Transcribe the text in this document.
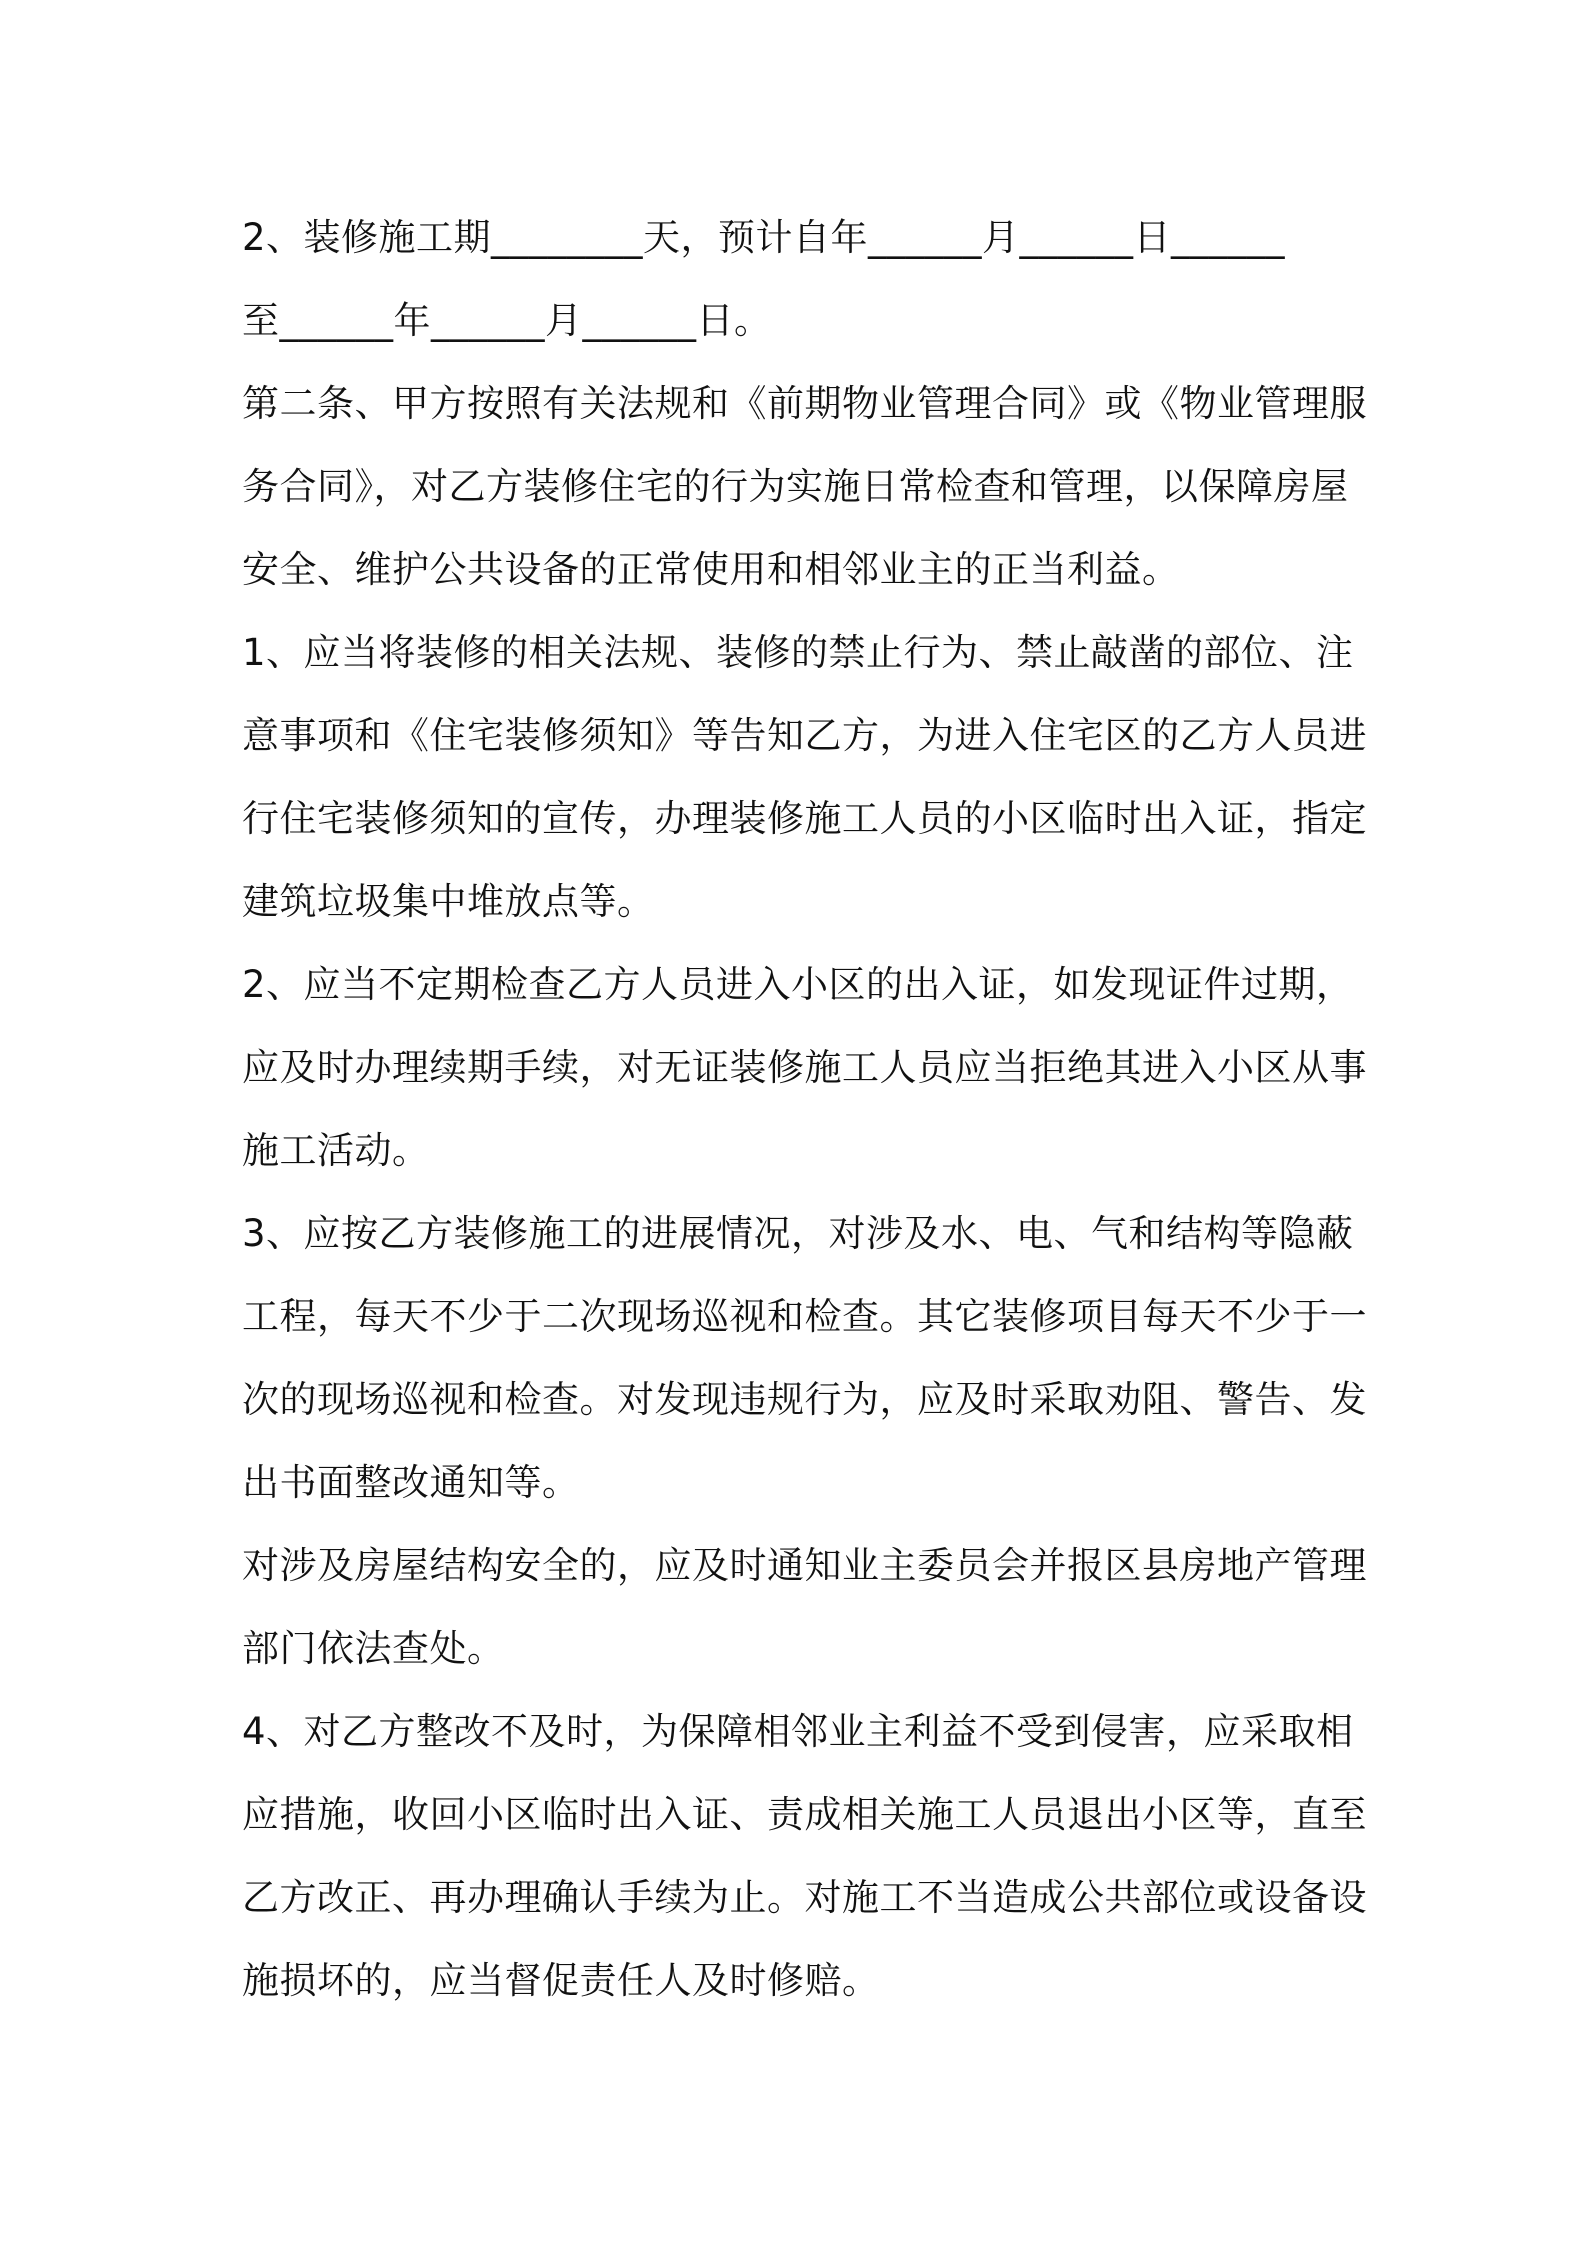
2、装修施工期________天，预计自年______月______日______
至______年______月______日。
第二条、甲方按照有关法规和《前期物业管理合同》或《物业管理服
务合同》，对乙方装修住宅的行为实施日常检查和管理，以保障房屋
安全、维护公共设备的正常使用和相邻业主的正当利益。
1、应当将装修的相关法规、装修的禁止行为、禁止敲凿的部位、注
意事项和《住宅装修须知》等告知乙方，为进入住宅区的乙方人员进
行住宅装修须知的宣传，办理装修施工人员的小区临时出入证，指定
建筑垃圾集中堆放点等。
2、应当不定期检查乙方人员进入小区的出入证，如发现证件过期，
应及时办理续期手续，对无证装修施工人员应当拒绝其进入小区从事
施工活动。
3、应按乙方装修施工的进展情况，对涉及水、电、气和结构等隐蔽
工程，每天不少于二次现场巡视和检查。其它装修项目每天不少于一
次的现场巡视和检查。对发现违规行为，应及时采取劝阻、警告、发
出书面整改通知等。
对涉及房屋结构安全的，应及时通知业主委员会并报区县房地产管理
部门依法查处。
4、对乙方整改不及时，为保障相邻业主利益不受到侵害，应采取相
应措施，收回小区临时出入证、责成相关施工人员退出小区等，直至
乙方改正、再办理确认手续为止。对施工不当造成公共部位或设备设
施损坏的，应当督促责任人及时修赔。
